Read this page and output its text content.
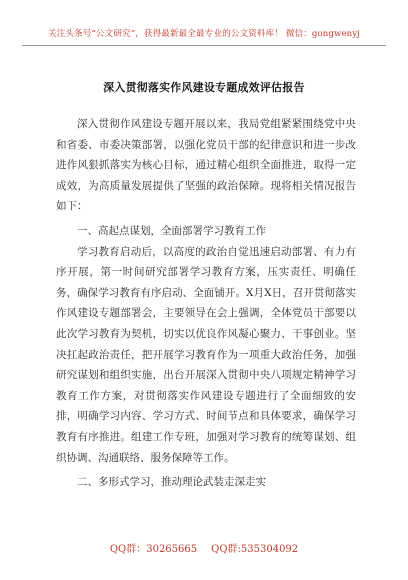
关注头条号“公文研究”，获得最新最全最专业的公文资料库！ 微信：gongwenyj
深入贯彻落实作风建设专题成效评估报告

深入贯彻作风建设专题开展以来，我局党组紧紧围绕党中央和省委、市委决策部署，以强化党员干部的纪律意识和进一步改进作风狠抓落实为核心目标，通过精心组织全面推进，取得一定成效，为高质量发展提供了坚强的政治保障。现将相关情况报告如下：

一、高起点谋划，全面部署学习教育工作

学习教育启动后，以高度的政治自觉迅速启动部署、有力有序开展，第一时间研究部署学习教育方案，压实责任、明确任务，确保学习教育有序启动、全面铺开。X月X日，召开贯彻落实作风建设专题部署会，主要领导在会上强调，全体党员干部要以此次学习教育为契机，切实以优良作风凝心聚力、干事创业。坚决扛起政治责任，把开展学习教育作为一项重大政治任务，加强研究谋划和组织实施，出台开展深入贯彻中央八项规定精神学习教育工作方案，对贯彻落实作风建设专题进行了全面细致的安排，明确学习内容、学习方式、时间节点和具体要求，确保学习教育有序推进。组建工作专班，加强对学习教育的统筹谋划、组织协调、沟通联络、服务保障等工作。

二、多形式学习，推动理论武装走深走实

QQ群：30265665 QQ群:535304092
